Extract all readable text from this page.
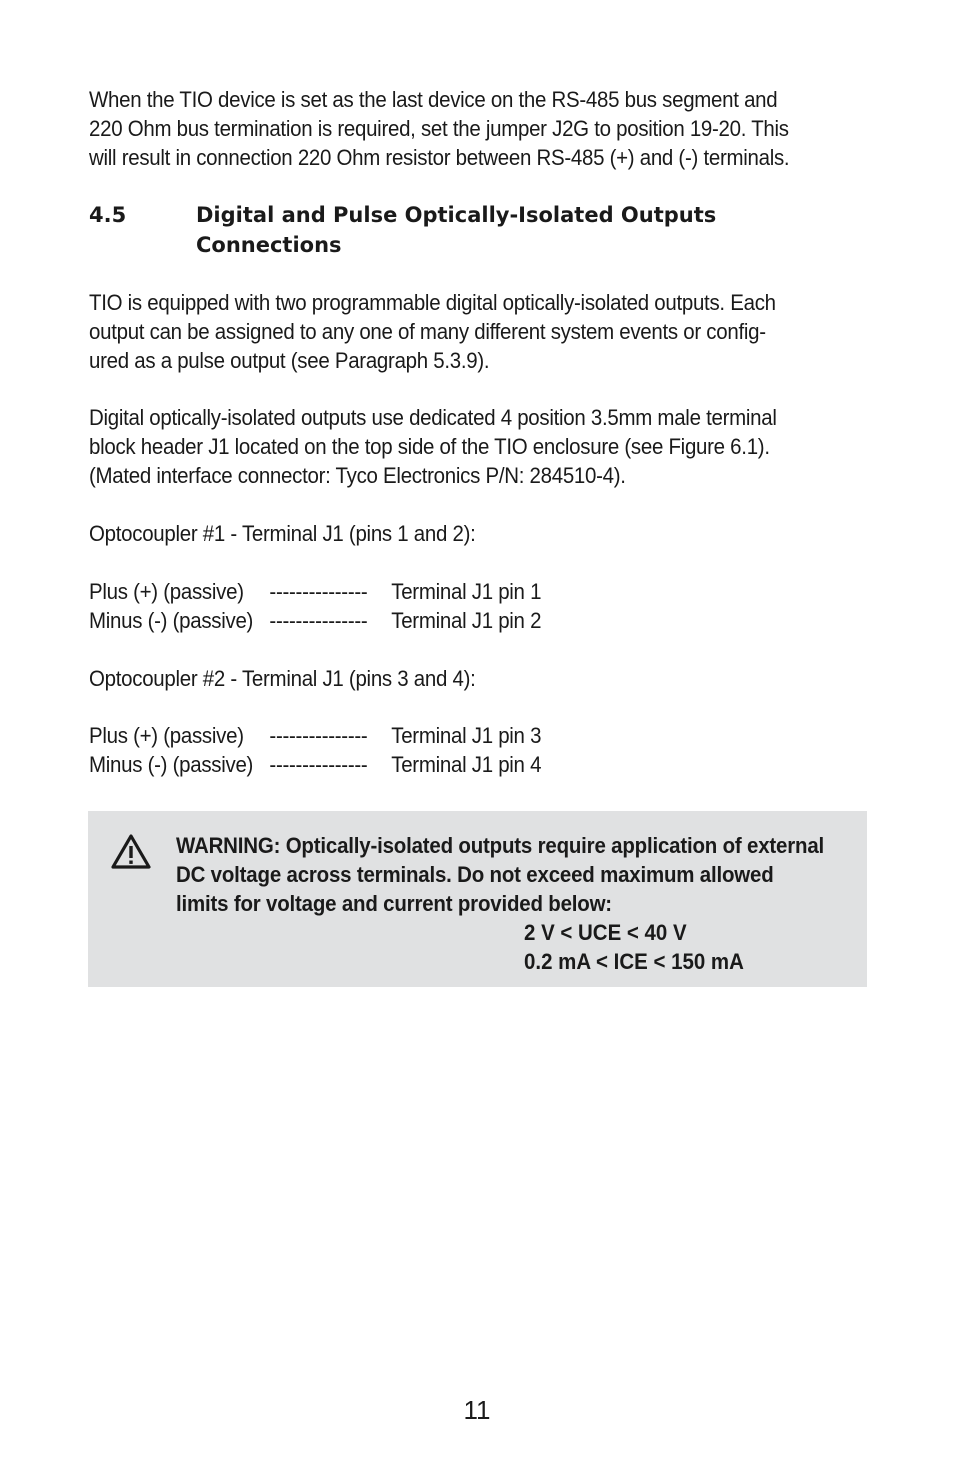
When the TIO device is set as the last device on the RS-485 bus segment and
220 Ohm bus termination is required, set the jumper J2G to position 19-20. This
will result in connection 220 Ohm resistor between RS-485 (+) and (-) terminals.

4.5	Digital and Pulse Optically-Isolated Outputs
Connections

TIO is equipped with two programmable digital optically-isolated outputs. Each
output can be assigned to any one of many different system events or config-
ured as a pulse output (see Paragraph 5.3.9).

Digital optically-isolated outputs use dedicated 4 position 3.5mm male terminal
block header J1 located on the top side of the TIO enclosure (see Figure 6.1).
(Mated interface connector: Tyco Electronics P/N: 284510-4).

Optocoupler #1 - Terminal J1 (pins 1 and 2):

Plus (+) (passive) --------------- Terminal J1 pin 1
Minus (-) (passive) --------------- Terminal J1 pin 2

Optocoupler #2 - Terminal J1 (pins 3 and 4):

Plus (+) (passive) --------------- Terminal J1 pin 3
Minus (-) (passive) --------------- Terminal J1 pin 4
WARNING: Optically-isolated outputs require application of external
DC voltage across terminals. Do not exceed maximum allowed
limits for voltage and current provided below:
2 V < UCE < 40 V
0.2 mA < ICE < 150 mA
11
